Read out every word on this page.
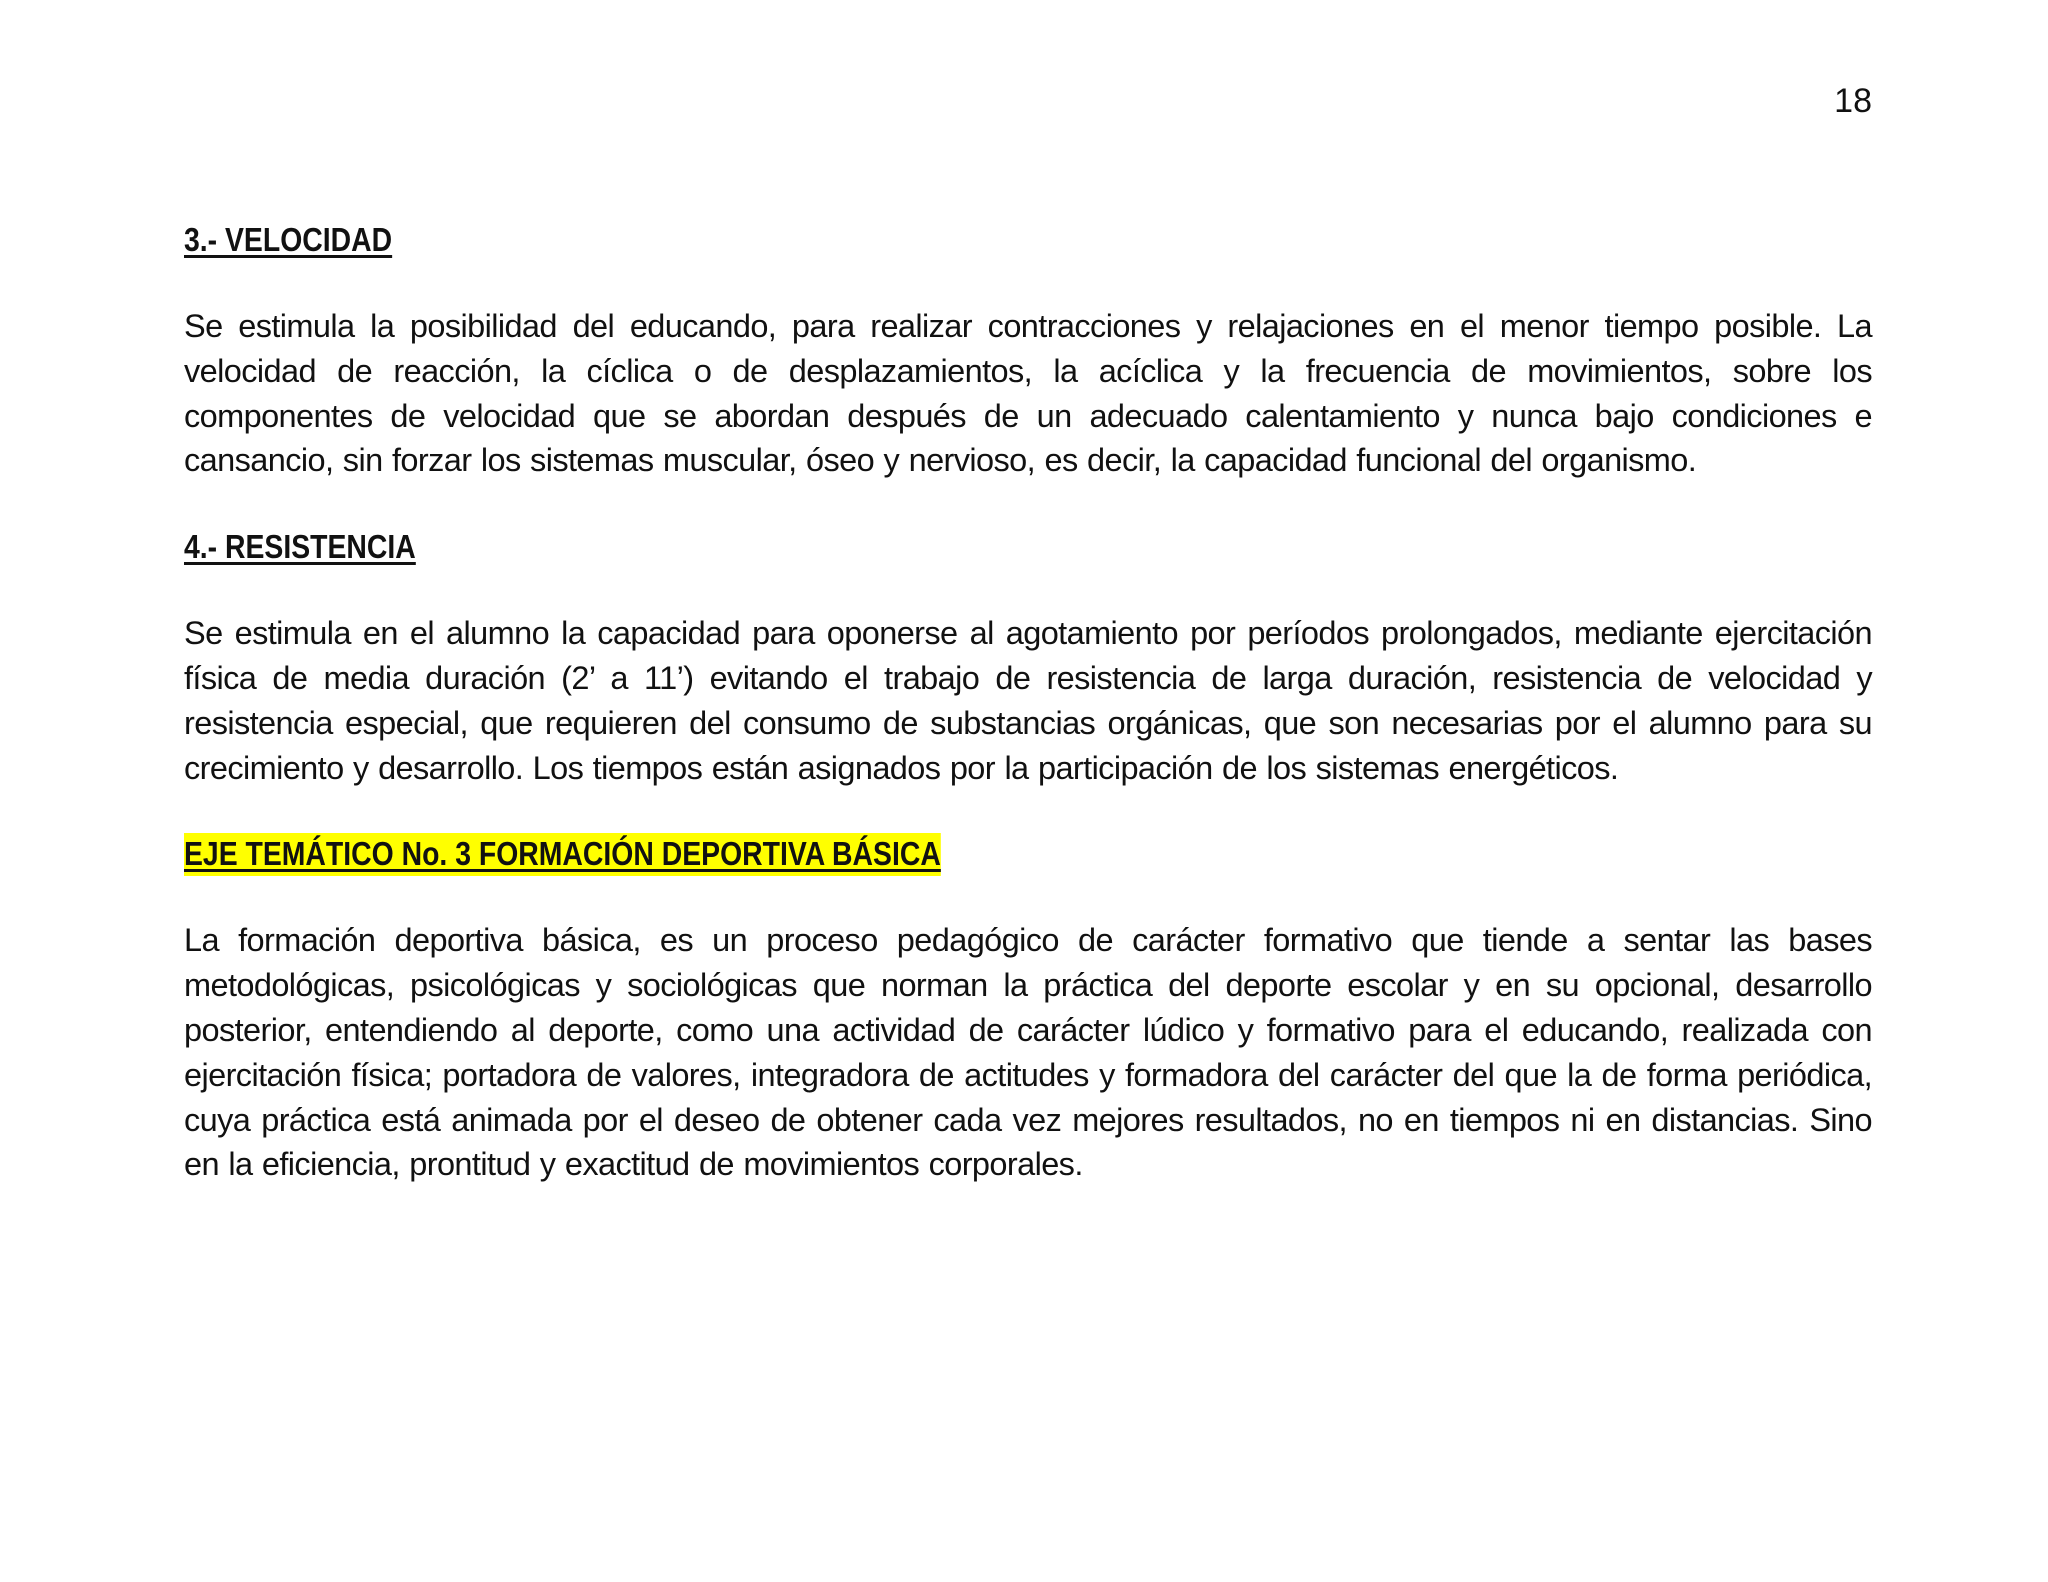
18
3.- VELOCIDAD

Se estimula la posibilidad del educando, para realizar contracciones y relajaciones en el menor tiempo posible. La velocidad de reacción, la cíclica o de desplazamientos, la acíclica y la frecuencia de movimientos, sobre los componentes de velocidad que se abordan después de un adecuado calentamiento y nunca bajo condiciones e cansancio, sin forzar los sistemas muscular, óseo y nervioso, es decir, la capacidad funcional del organismo.

4.- RESISTENCIA

Se estimula en el alumno la capacidad para oponerse al agotamiento por períodos prolongados, mediante ejercitación física de media duración (2’ a 11’) evitando el trabajo de resistencia de larga duración, resistencia de velocidad y resistencia especial, que requieren del consumo de substancias orgánicas, que son necesarias por el alumno para su crecimiento y desarrollo. Los tiempos están asignados por la participación de los sistemas energéticos.

EJE TEMÁTICO No. 3 FORMACIÓN DEPORTIVA BÁSICA

La formación deportiva básica, es un proceso pedagógico de carácter formativo que tiende a sentar las bases metodológicas, psicológicas y sociológicas que norman la práctica del deporte escolar y en su opcional, desarrollo posterior, entendiendo al deporte, como una actividad de carácter lúdico y formativo para el educando, realizada con ejercitación física; portadora de valores, integradora de actitudes y formadora del carácter del que la de forma periódica, cuya práctica está animada por el deseo de obtener cada vez mejores resultados, no en tiempos ni en distancias. Sino en la eficiencia, prontitud y exactitud de movimientos corporales.
